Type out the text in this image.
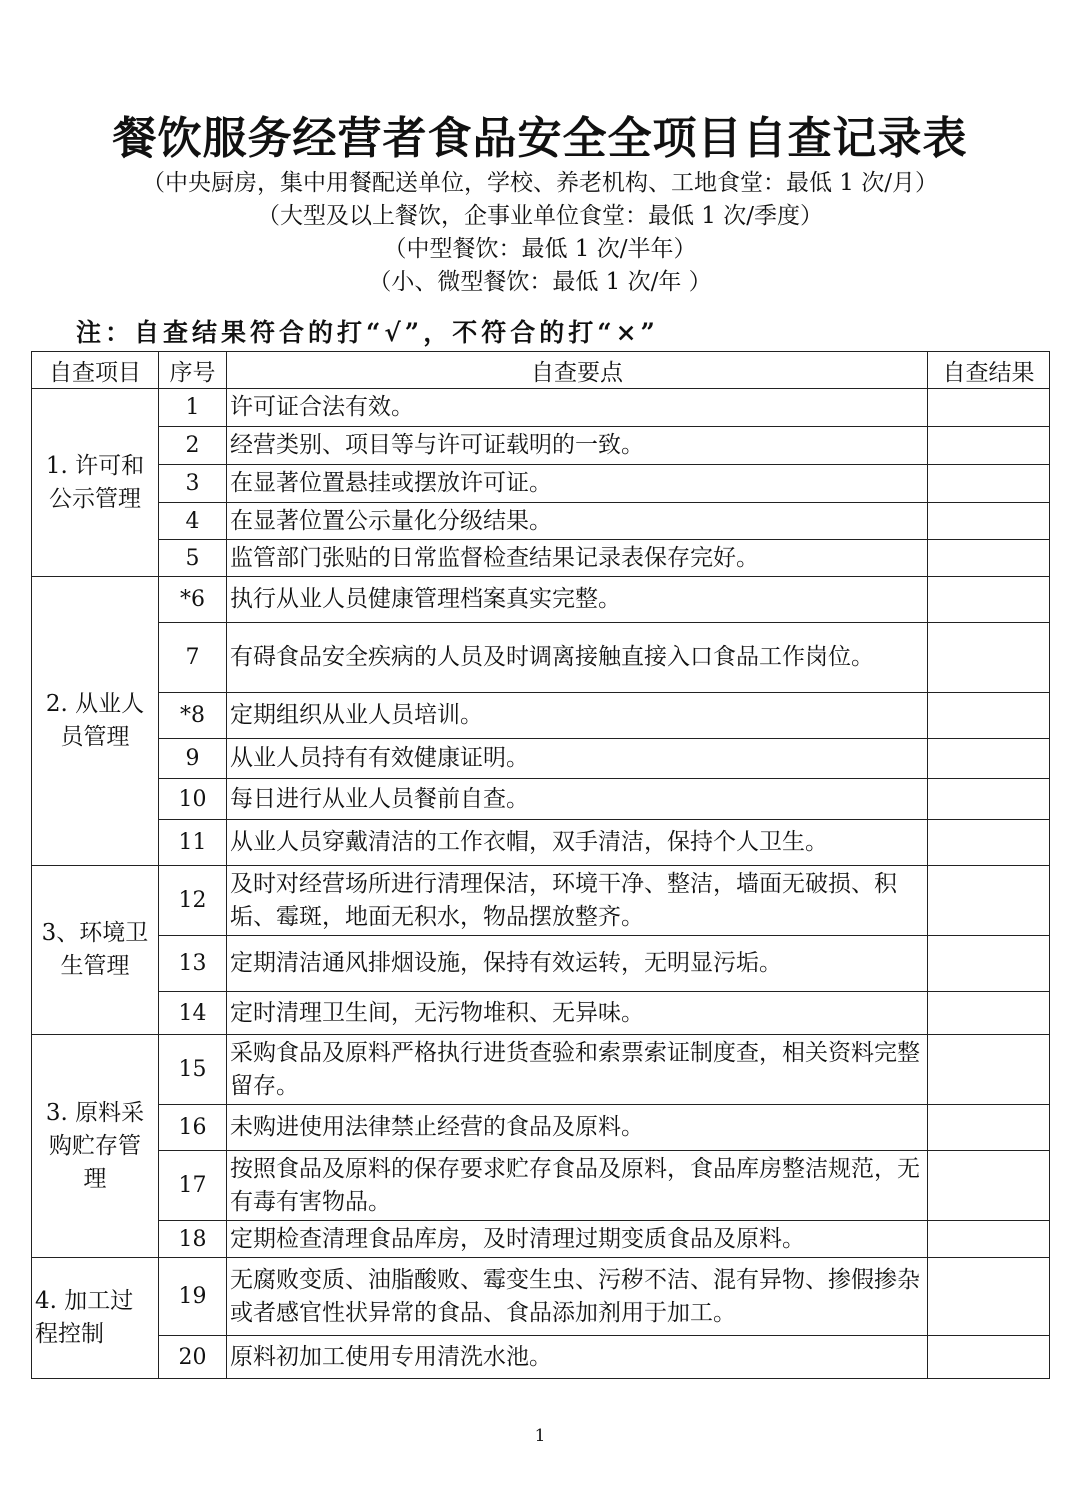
餐饮服务经营者食品安全全项目自查记录表

（中央厨房，集中用餐配送单位，学校、养老机构、工地食堂：最低 1 次/月）

（大型及以上餐饮，企事业单位食堂：最低 1 次/季度）

（中型餐饮：最低 1 次/半年）

（小、微型餐饮：最低 1 次/年 ）

注：自查结果符合的打“√”，不符合的打“×”
自查项目	序号	自查要点	自查结果
1. 许可和
公示管理	1	许可证合法有效。	
	2	经营类别、项目等与许可证载明的一致。	
	3	在显著位置悬挂或摆放许可证。	
	4	在显著位置公示量化分级结果。	
	5	监管部门张贴的日常监督检查结果记录表保存完好。	
2. 从业人
员管理	*6	执行从业人员健康管理档案真实完整。	
	7	有碍食品安全疾病的人员及时调离接触直接入口食品工作岗位。	
	*8	定期组织从业人员培训。	
	9	从业人员持有有效健康证明。	
	10	每日进行从业人员餐前自查。	
	11	从业人员穿戴清洁的工作衣帽，双手清洁，保持个人卫生。	
3、环境卫
生管理	12	及时对经营场所进行清理保洁，环境干净、整洁，墙面无破损、积垢、霉斑，地面无积水，物品摆放整齐。	
	13	定期清洁通风排烟设施，保持有效运转，无明显污垢。	
	14	定时清理卫生间，无污物堆积、无异味。	
3. 原料采
购贮存管
理	15	采购食品及原料严格执行进货查验和索票索证制度查，相关资料完整留存。	
	16	未购进使用法律禁止经营的食品及原料。	
	17	按照食品及原料的保存要求贮存食品及原料，食品库房整洁规范，无有毒有害物品。	
	18	定期检查清理食品库房，及时清理过期变质食品及原料。	
4. 加工过
程控制	19	无腐败变质、油脂酸败、霉变生虫、污秽不洁、混有异物、掺假掺杂或者感官性状异常的食品、食品添加剂用于加工。	
	20	原料初加工使用专用清洗水池。	
1
